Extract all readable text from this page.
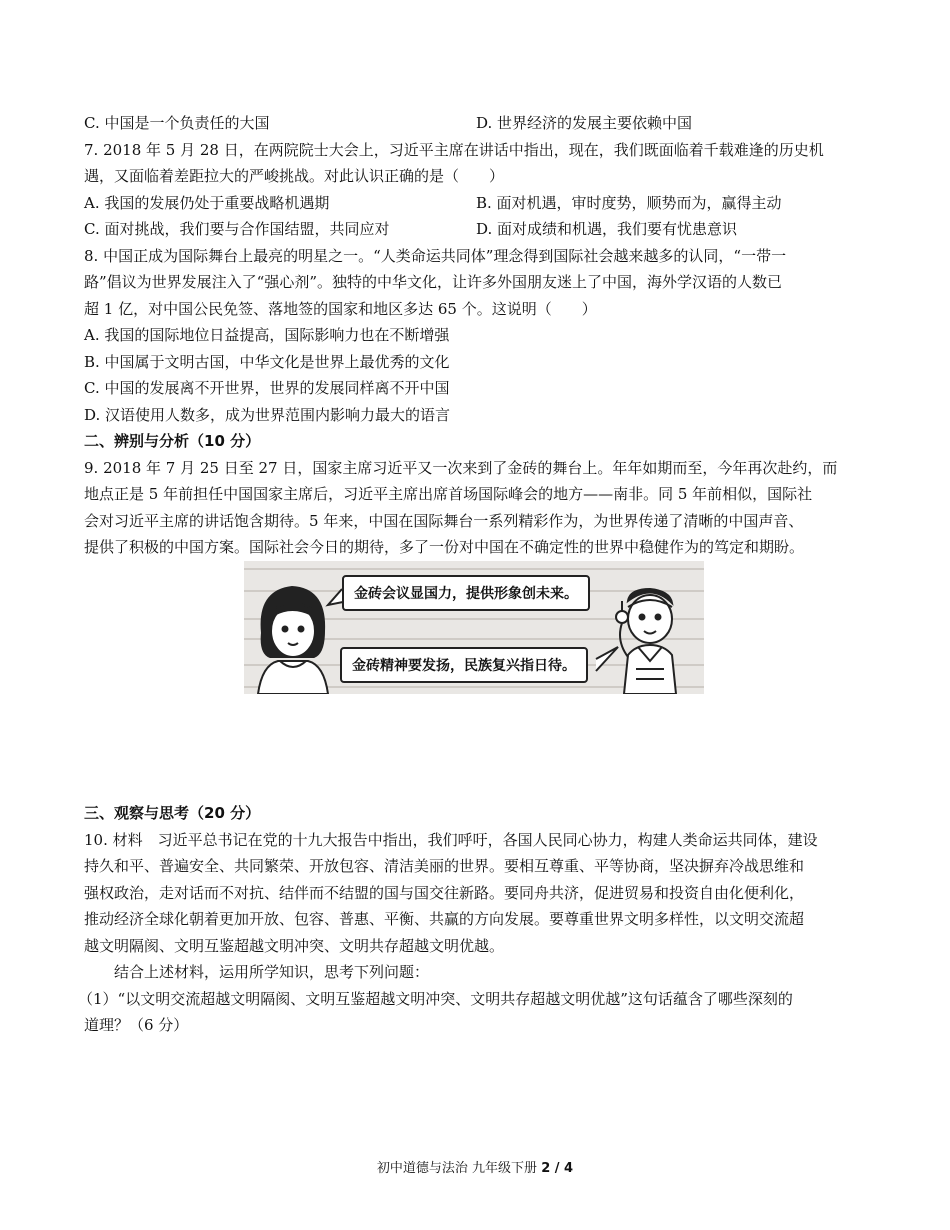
C. 中国是一个负责任的大国	D. 世界经济的发展主要依赖中国
7. 2018 年 5 月 28 日，在两院院士大会上，习近平主席在讲话中指出，现在，我们既面临着千载难逢的历史机
遇，又面临着差距拉大的严峻挑战。对此认识正确的是（　　）
A. 我国的发展仍处于重要战略机遇期	B. 面对机遇，审时度势，顺势而为，赢得主动
C. 面对挑战，我们要与合作国结盟，共同应对	D. 面对成绩和机遇，我们要有忧患意识
8. 中国正成为国际舞台上最亮的明星之一。“人类命运共同体”理念得到国际社会越来越多的认同，“一带一
路”倡议为世界发展注入了“强心剂”。独特的中华文化，让许多外国朋友迷上了中国，海外学汉语的人数已
超 1 亿，对中国公民免签、落地签的国家和地区多达 65 个。这说明（　　）
A. 我国的国际地位日益提高，国际影响力也在不断增强
B. 中国属于文明古国，中华文化是世界上最优秀的文化
C. 中国的发展离不开世界，世界的发展同样离不开中国
D. 汉语使用人数多，成为世界范围内影响力最大的语言
二、辨别与分析（10 分）
9. 2018 年 7 月 25 日至 27 日，国家主席习近平又一次来到了金砖的舞台上。年年如期而至，今年再次赴约，而
地点正是 5 年前担任中国国家主席后，习近平主席出席首场国际峰会的地方——南非。同 5 年前相似，国际社
会对习近平主席的讲话饱含期待。5 年来，中国在国际舞台一系列精彩作为，为世界传递了清晰的中国声音、
提供了积极的中国方案。国际社会今日的期待，多了一份对中国在不确定性的世界中稳健作为的笃定和期盼。
金砖会议显国力，提供形象创未来。
金砖精神要发扬，民族复兴指日待。
三、观察与思考（20 分）
10. 材料　习近平总书记在党的十九大报告中指出，我们呼吁，各国人民同心协力，构建人类命运共同体，建设
持久和平、普遍安全、共同繁荣、开放包容、清洁美丽的世界。要相互尊重、平等协商，坚决摒弃冷战思维和
强权政治，走对话而不对抗、结伴而不结盟的国与国交往新路。要同舟共济，促进贸易和投资自由化便利化，
推动经济全球化朝着更加开放、包容、普惠、平衡、共赢的方向发展。要尊重世界文明多样性，以文明交流超
越文明隔阂、文明互鉴超越文明冲突、文明共存超越文明优越。
结合上述材料，运用所学知识，思考下列问题：
（1）“以文明交流超越文明隔阂、文明互鉴超越文明冲突、文明共存超越文明优越”这句话蕴含了哪些深刻的
道理？（6 分）
初中道德与法治 九年级下册 2 / 4
